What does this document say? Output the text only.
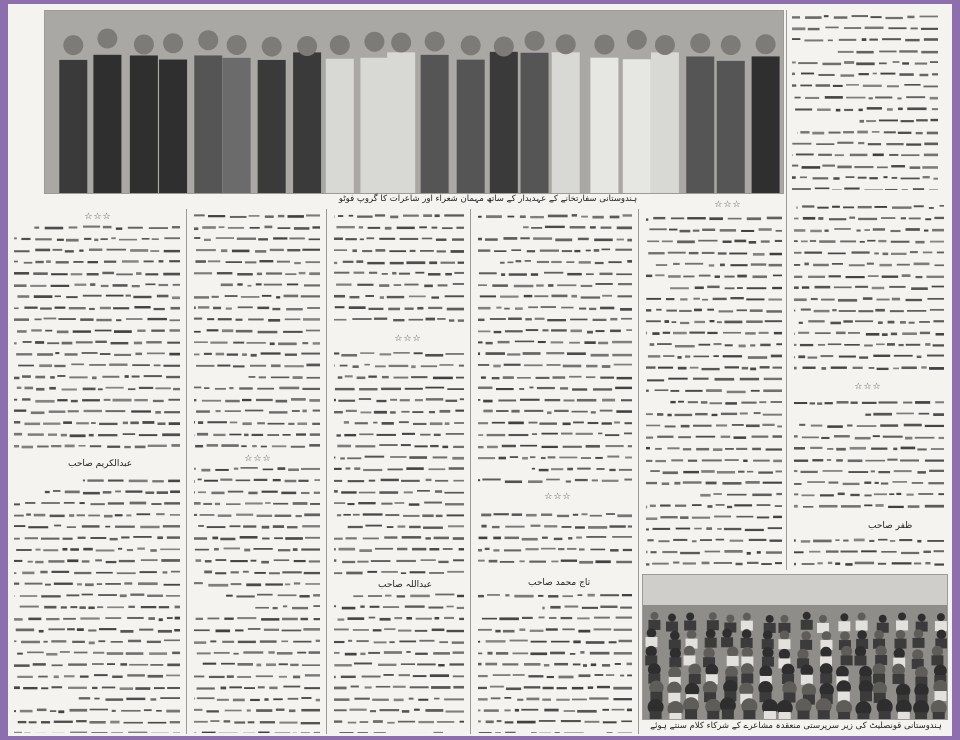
ہندوستانی سفارتخانے کے عہدیدار کے ساتھ مہمان شعراء اور شاعرات کا گروپ فوٹو
☆☆☆
☆☆☆
☆☆☆
☆☆☆
☆☆☆
☆☆☆
عبدالکریم صاحب
تاج محمد صاحب
عبداللہ صاحب
ظفر صاحب
ہندوستانی قونصلیٹ کی زیر سرپرستی منعقدہ مشاعرے کے شرکاء کلام سنتے ہوئے
